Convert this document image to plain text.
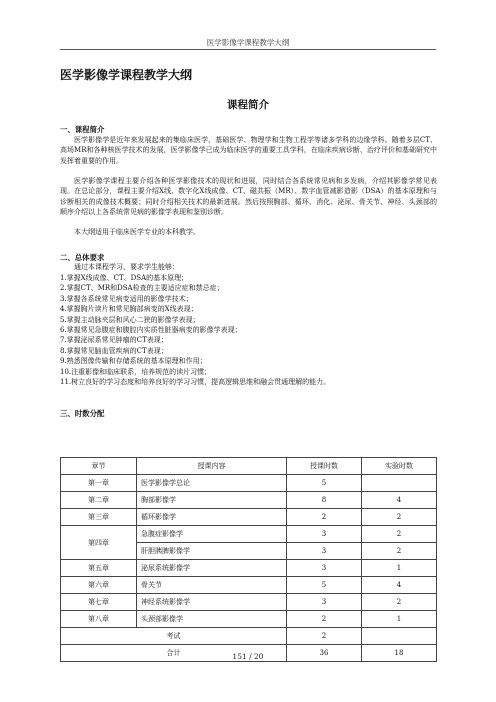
医学影像学课程教学大纲
医学影像学课程教学大纲
课程简介
一、课程简介

医学影像学是近年来发展起来的集临床医学、基础医学、物理学和生物工程学等诸多学科的边缘学科。随着多层CT、高场MR和各种核医学技术的发展，医学影像学已成为临床医学的重要工具学科，在临床疾病诊断、治疗评价和基础研究中发挥着重要的作用。

医学影像学课程主要介绍各种医学影像技术的现状和进展，同时结合各系统常见病和多发病，介绍其影像学常见表现。在总论部分，课程主要介绍X线、数字化X线成像、CT、磁共振（MR）、数字血管减影造影（DSA）的基本原理和与诊断相关的成像技术概要；同时介绍相关技术的最新进展。然后按照胸部、循环、消化、泌尿、骨关节、神经、头颈部的顺序介绍以上各系统常见病的影像学表现和鉴别诊断。

本大纲适用于临床医学专业的本科教学。

二、总体要求

通过本课程学习，要求学生能够：

1.掌握X线成像、CT、DSA的基本原理；
2.掌握CT、MR和DSA检查的主要适应症和禁忌症；
3.掌握各系统常见病变适用的影像学技术；
4.掌握胸片读片和常见胸部病变的X线表现；
5.掌握主动脉夹层和风心二狭的影像学表现；
6.掌握常见急腹症和腹腔内实质性脏器病变的影像学表现；
7.掌握泌尿系常见肿瘤的CT表现；
8.掌握常见脑血管疾病的CT表现；
9.熟悉图像传输和存储系统的基本原理和作用；
10.注重影像和临床联系，培养规范的读片习惯；
11.树立良好的学习态度和培养良好的学习习惯，提高逻辑思维和融会贯通理解的能力。
三、时数分配
章节	授课内容	授课时数	实验时数
第一章	医学影像学总论	5	
第二章	胸部影像学	8	4
第三章	循环影像学	2	2
第四章	急腹症影像学	3	2
	肝胆胰脾影像学	3	2
第五章	泌尿系统影像学	3	1
第六章	骨关节	5	4
第七章	神经系统影像学	3	2
第八章	头颈部影像学	2	1
考试		2	
合计		36	18
151 / 20
